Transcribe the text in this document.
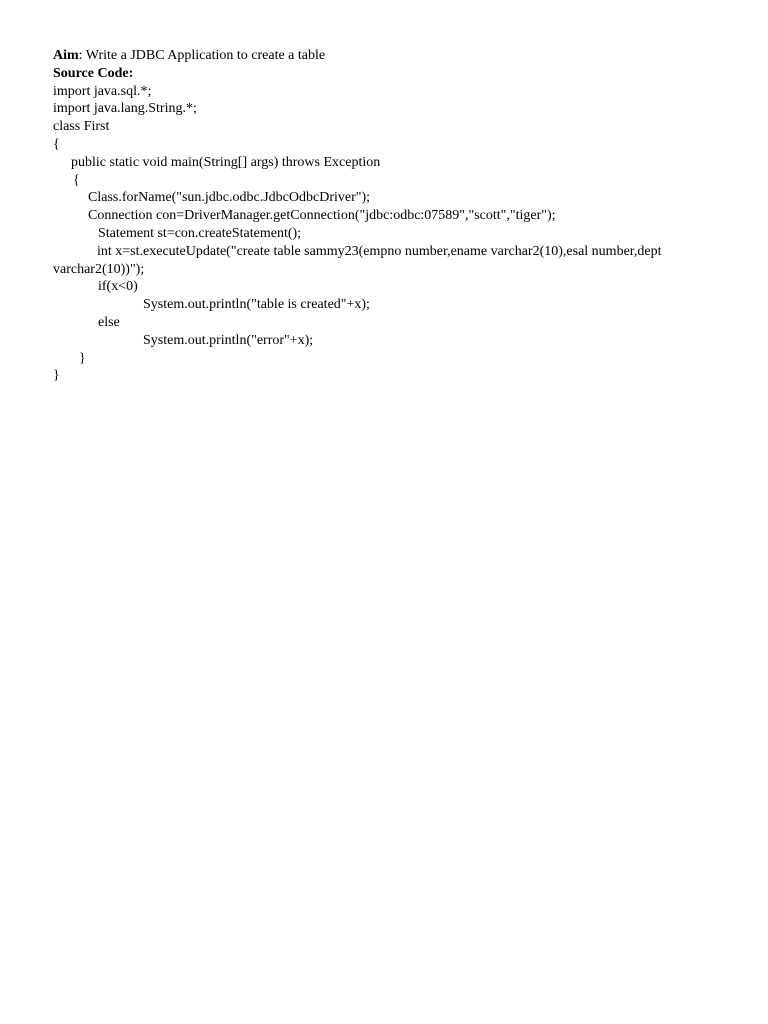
Aim: Write a JDBC Application to create a table
Source Code:
import java.sql.*;
import java.lang.String.*;
class First
{
public static void main(String[] args) throws Exception
{
Class.forName("sun.jdbc.odbc.JdbcOdbcDriver");
Connection con=DriverManager.getConnection("jdbc:odbc:07589","scott","tiger");
Statement st=con.createStatement();
int x=st.executeUpdate("create table sammy23(empno number,ename varchar2(10),esal number,dept varchar2(10))");
if(x<0)
System.out.println("table is created"+x);
else
System.out.println("error"+x);
}
}
